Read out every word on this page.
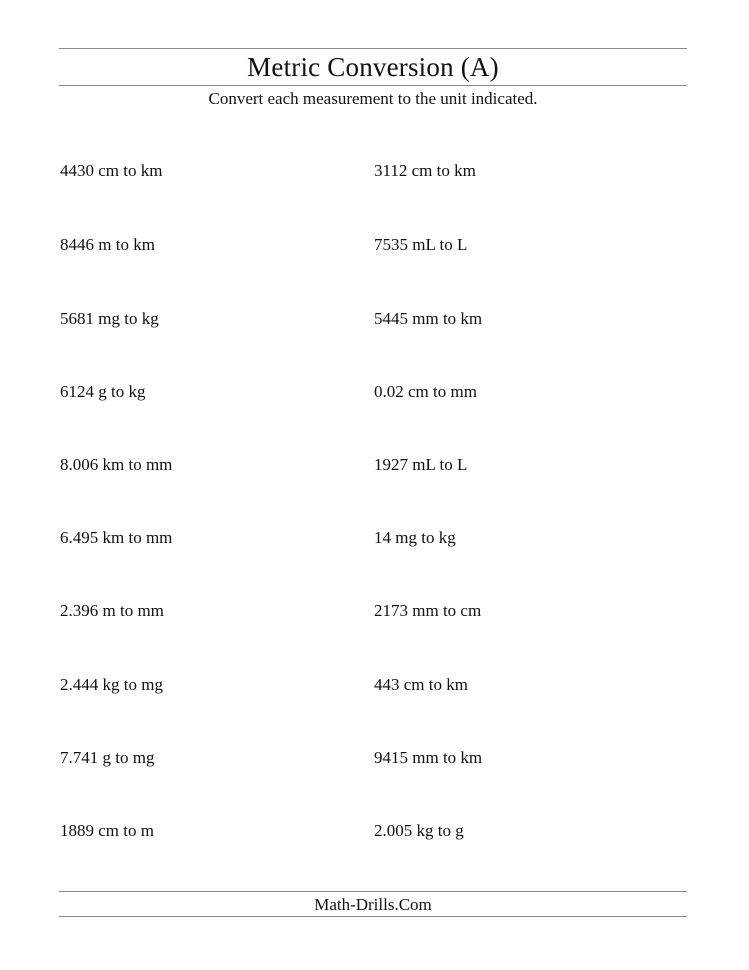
Metric Conversion (A)
Convert each measurement to the unit indicated.
4430 cm to km
8446 m to km
5681 mg to kg
6124 g to kg
8.006 km to mm
6.495 km to mm
2.396 m to mm
2.444 kg to mg
7.741 g to mg
1889 cm to m
3112 cm to km
7535 mL to L
5445 mm to km
0.02 cm to mm
1927 mL to L
14 mg to kg
2173 mm to cm
443 cm to km
9415 mm to km
2.005 kg to g
Math-Drills.Com
